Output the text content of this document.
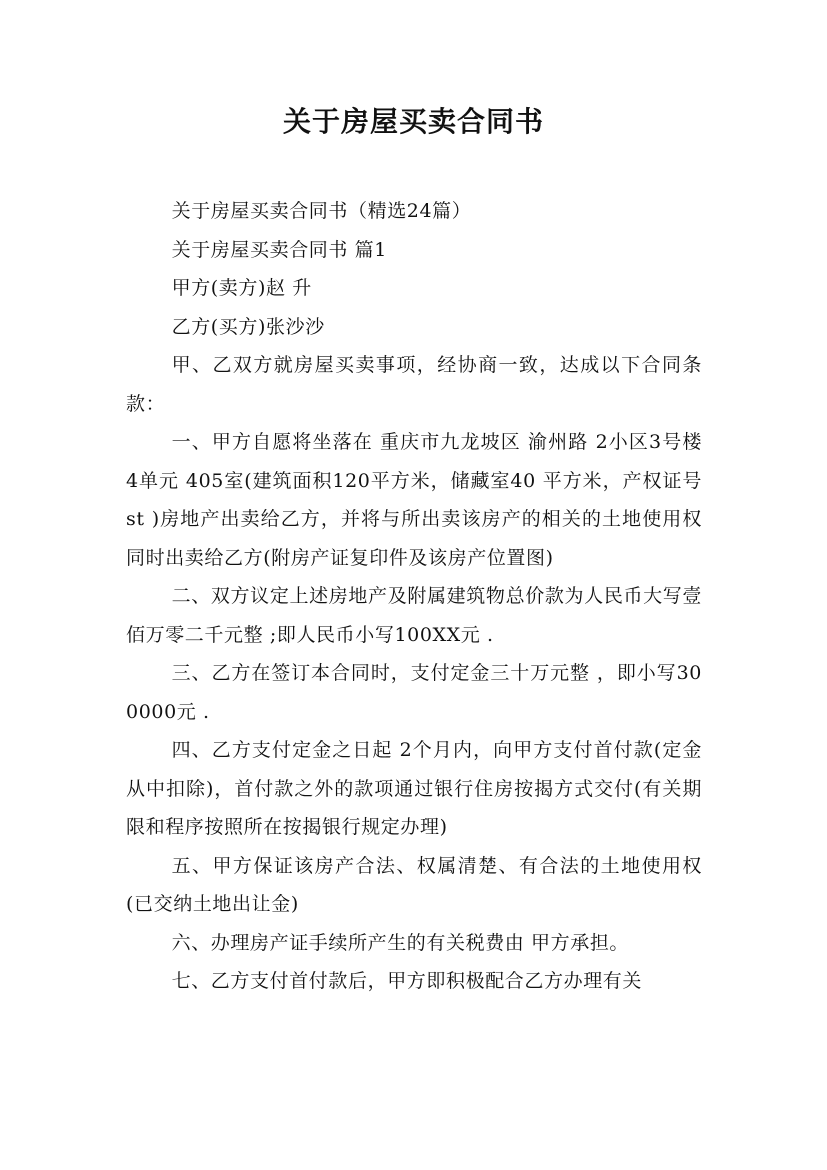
关于房屋买卖合同书

关于房屋买卖合同书（精选24篇）

关于房屋买卖合同书 篇1

甲方(卖方)赵 升

乙方(买方)张沙沙

甲、乙双方就房屋买卖事项，经协商一致，达成以下合同条款：

一、甲方自愿将坐落在 重庆市九龙坡区 渝州路 2小区3号楼 4单元 405室(建筑面积120平方米，储藏室40 平方米，产权证号 st )房地产出卖给乙方，并将与所出卖该房产的相关的土地使用权同时出卖给乙方(附房产证复印件及该房产位置图)

二、双方议定上述房地产及附属建筑物总价款为人民币大写壹佰万零二千元整 ;即人民币小写100XX元 .

三、乙方在签订本合同时，支付定金三十万元整 ，即小写300000元 .

四、乙方支付定金之日起 2个月内，向甲方支付首付款(定金从中扣除)，首付款之外的款项通过银行住房按揭方式交付(有关期限和程序按照所在按揭银行规定办理)

五、甲方保证该房产合法、权属清楚、有合法的土地使用权(已交纳土地出让金)

六、办理房产证手续所产生的有关税费由 甲方承担。

七、乙方支付首付款后，甲方即积极配合乙方办理有关
